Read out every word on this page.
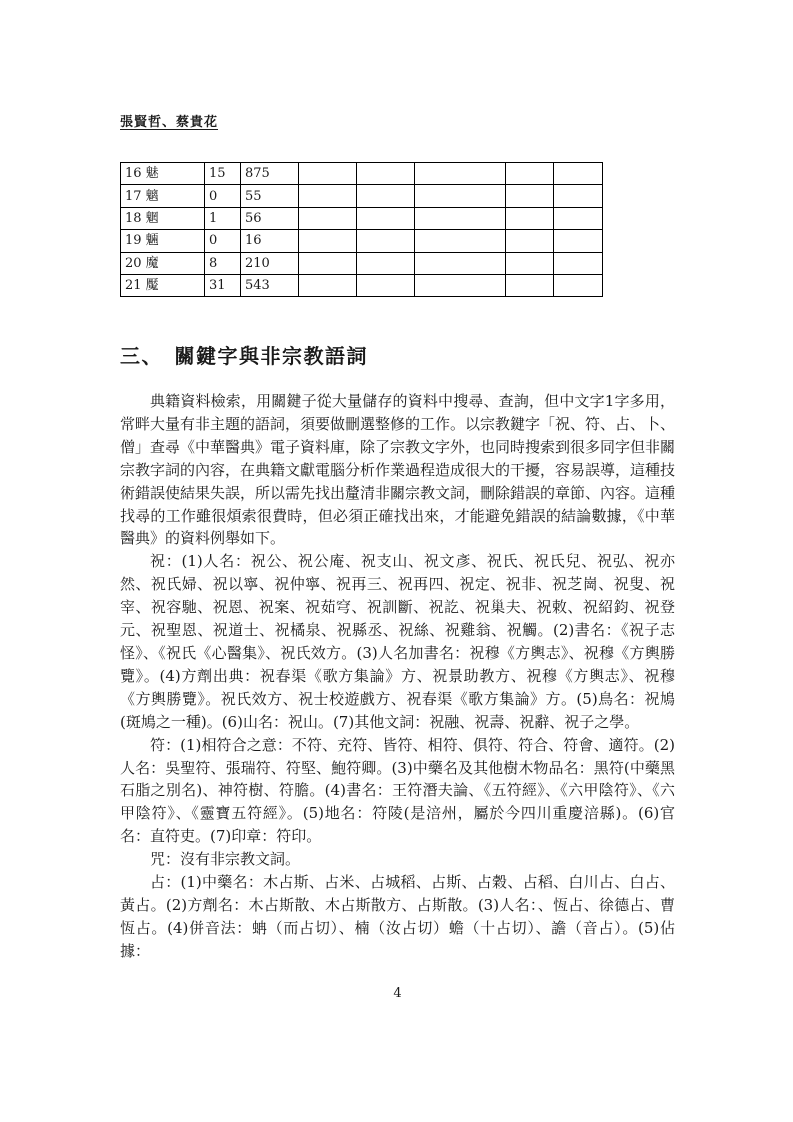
張賢哲、蔡貴花
16 魅	15	875					
17 魑	0	55					
18 魍	1	56					
19 魎	0	16					
20 魔	8	210					
21 魘	31	543					
三、　關鍵字與非宗教語詞

典籍資料檢索，用關鍵子從大量儲存的資料中搜尋、查詢，但中文字1字多用，常畔大量有非主題的語詞，須要做刪選整修的工作。以宗教鍵字「祝、符、占、卜、僧」查尋《中華醫典》電子資料庫，除了宗教文字外，也同時搜索到很多同字但非關宗教字詞的內容，在典籍文獻電腦分析作業過程造成很大的干擾，容易誤導，這種技術錯誤使結果失誤，所以需先找出釐清非關宗教文詞，刪除錯誤的章節、內容。這種找尋的工作雖很煩索很費時，但必須正確找出來，才能避免錯誤的結論數據，《中華醫典》的資料例舉如下。

祝：(1)人名：祝公、祝公庵、祝支山、祝文彥、祝氏、祝氏兒、祝弘、祝亦然、祝氏婦、祝以寧、祝仲寧、祝再三、祝再四、祝定、祝非、祝芝崗、祝叟、祝宰、祝容馳、祝恩、祝案、祝茹穹、祝訓斷、祝訖、祝巢夫、祝敕、祝紹鈞、祝登元、祝聖恩、祝道士、祝橘泉、祝縣丞、祝絲、祝雞翁、祝觸。(2)書名：《祝子志怪》、《祝氏《心醫集》、祝氏效方。(3)人名加書名：祝穆《方輿志》、祝穆《方輿勝覽》。(4)方劑出典：祝春渠《歌方集論》方、祝景助教方、祝穆《方輿志》、祝穆《方輿勝覽》。祝氏效方、祝士校遊戲方、祝春渠《歌方集論》方。(5)鳥名：祝鳩(斑鳩之一種)。(6)山名：祝山。(7)其他文詞：祝融、祝壽、祝辭、祝子之學。

符：(1)相符合之意：不符、充符、皆符、相符、俱符、符合、符會、適符。(2)人名：吳聖符、張瑞符、符堅、鮑符卿。(3)中藥名及其他樹木物品名：黑符(中藥黑石脂之別名)、神符樹、符膽。(4)書名：王符潛夫論、《五符經》、《六甲陰符》、《六甲陰符》、《靈寶五符經》。(5)地名：符陵(是涪州，屬於今四川重慶涪縣)。(6)官名：直符吏。(7)印章：符印。

咒：沒有非宗教文詞。

占：(1)中藥名：木占斯、占米、占城稻、占斯、占穀、占稻、白川占、白占、黃占。(2)方劑名：木占斯散、木占斯散方、占斯散。(3)人名：、恆占、徐德占、曹恆占。(4)併音法：蚺（而占切）、楠（汝占切）蟾（十占切）、譫（音占）。(5)佔據：

4
